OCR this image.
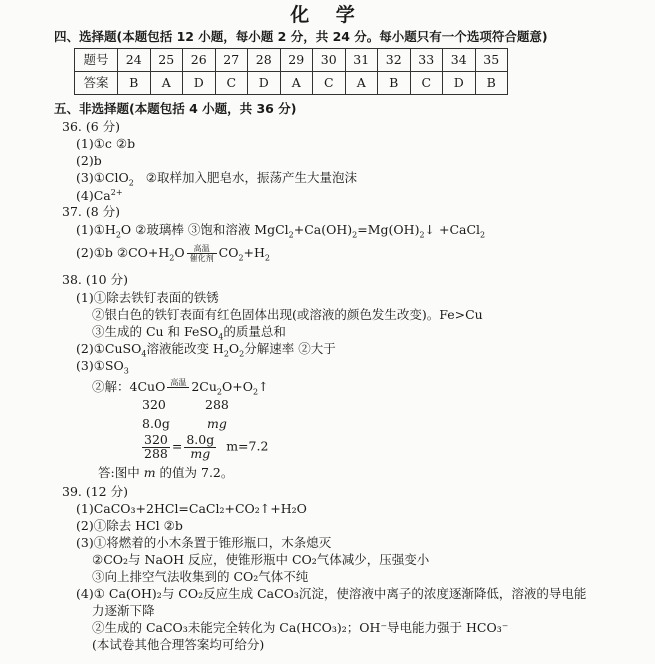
化 学
四、选择题(本题包括 12 小题，每小题 2 分，共 24 分。每小题只有一个选项符合题意)
题号	24	25	26	27	28	29	30	31	32	33	34	35
答案	B	A	D	C	D	A	C	A	B	C	D	B
五、非选择题(本题包括 4 小题，共 36 分)
36. (6 分)
(1)①c ②b
(2)b
(3)①ClO$_2$ ②取样加入肥皂水，振荡产生大量泡沫
$(4)Ca^{2+}$
37. (8 分)
$(1)①H_2O$ ②玻璃棒 ③饱和溶液 $MgCl_2+Ca(OH)_2=Mg(OH)_2↓$ +CaCl$_2$
(2)①b $②CO+H_2O$	高温
催化剂 $CO_2+H_2$
38. (10 分)
(1)①除去铁钉表面的铁锈
②银白色的铁钉表面有红色固体出现(或溶液的颜色发生改变)。Fe>Cu
③生成的 Cu 和 FeSO$_4$的质量总和
(2)①CuSO$_4$溶液能改变 $H_2O_2$分解速率 ②大于
$(3)①SO_3$
②解：4CuO 高温
$2Cu_2O+O_2↑$
320	288
8.0g	mg
$\frac{320}{288} = \frac{8.0g}{mg} m=7.2$
答:图中 m 的值为 7.2。
39. (12 分)
(1)CaCO₃+2HCl=CaCl₂+CO₂↑+H₂O
(2)①除去 HCl ②b
(3)①将燃着的小木条置于锥形瓶口，木条熄灭
②CO₂与 NaOH 反应，使锥形瓶中 CO₂气体减少，压强变小
③向上排空气法收集到的 CO₂气体不纯
(4)① Ca(OH)₂与 CO₂反应生成 CaCO₃沉淀，使溶液中离子的浓度逐渐降低，溶液的导电能
力逐渐下降
②生成的 CaCO₃未能完全转化为 Ca(HCO₃)₂；OH⁻导电能力强于 HCO₃⁻
(本试卷其他合理答案均可给分)
